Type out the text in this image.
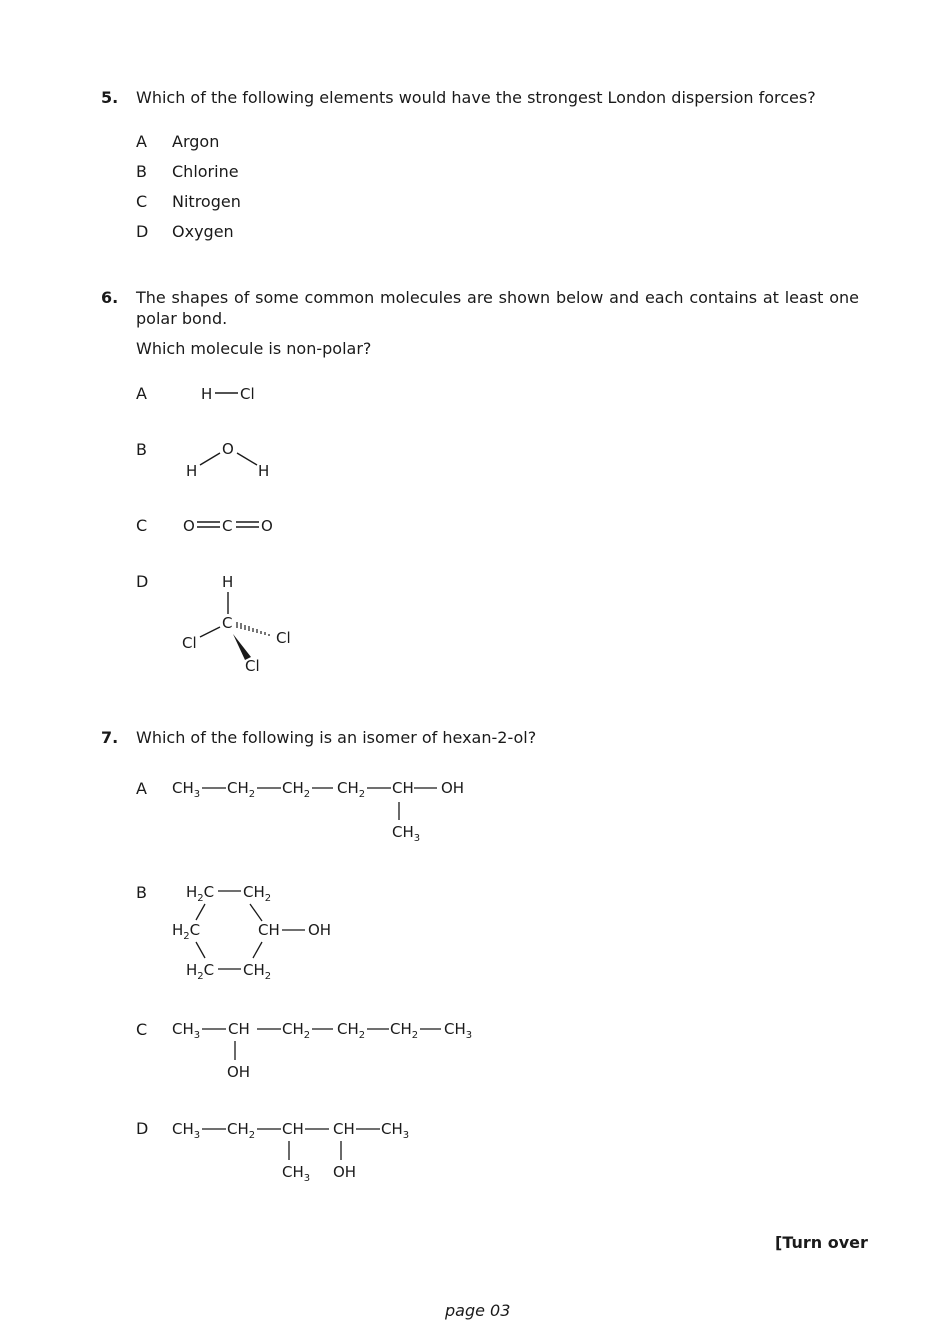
5. Which of the following elements would have the strongest London dispersion forces?
A Argon
B Chlorine
C Nitrogen
D Oxygen
6. The shapes of some common molecules are shown below and each contains at least one
polar bond.
Which molecule is non-polar?
A
B
C
D
H Cl
O
H	H
O C O
H
C
Cl
Cl
Cl
7. Which of the following is an isomer of hexan-2-ol?
A
B
C
D
$CH_3$ $CH_2$ $CH_2$ $CH_2$ CH OH
$CH_3$
$H_2C$ $CH_2$
$H_2C$	CH OH
$H_2C$ $CH_2$
$CH_3$ CH $CH_2$ $CH_2$ $CH_2$ $CH_3$
OH
$CH_3$ $CH_2$ CH CH $CH_3$
$CH_3$ OH
[Turn over
page 03
